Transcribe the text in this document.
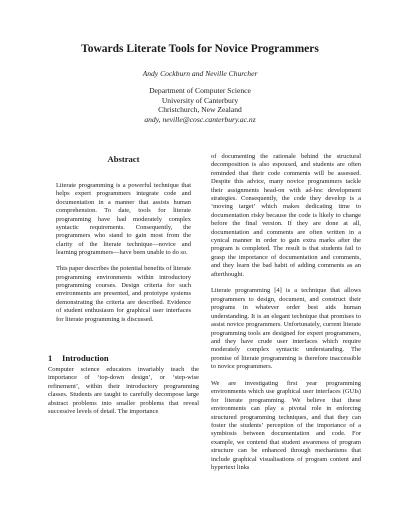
Towards Literate Tools for Novice Programmers
Andy Cockburn and Neville Churcher
Department of Computer Science
University of Canterbury
Christchurch, New Zealand
andy, neville@cosc.canterbury.ac.nz
Abstract

Literate programming is a powerful technique that helps expert programmers integrate code and documentation in a manner that assists human comprehension. To date, tools for literate programming have had moderately complex syntactic requirements. Consequently, the programmers who stand to gain most from the clarity of the literate technique—novice and learning programmers—have been unable to do so.

This paper describes the potential benefits of literate programming environments within introductory programming courses. Design criteria for such environments are presented, and prototype systems demonstrating the criteria are described. Evidence of student enthusiasm for graphical user interfaces for literate programming is discussed.

1 Introduction
Computer science educators invariably teach the importance of ‘top-down design’, or ‘step-wise refinement’, within their introductory programming classes. Students are taught to carefully decompose large abstract problems into smaller problems that reveal successive levels of detail. The importance

of documenting the rationale behind the structural decomposition is also espoused, and students are often reminded that their code comments will be assessed. Despite this advice, many novice programmers tackle their assignments head-on with ad-hoc development strategies. Consequently, the code they develop is a ‘moving target’ which makes dedicating time to documentation risky because the code is likely to change before the final version. If they are done at all, documentation and comments are often written in a cynical manner in order to gain extra marks after the program is completed. The result is that students fail to grasp the importance of documentation and comments, and they learn the bad habit of adding comments as an afterthought.

Literate programming [4] is a technique that allows programmers to design, document, and construct their programs in whatever order best aids human understanding. It is an elegant technique that promises to assist novice programmers. Unfortunately, current literate programming tools are designed for expert programmers, and they have crude user interfaces which require moderately complex syntactic understanding. The promise of literate programming is therefore inaccessible to novice programmers.

We are investigating first year programming environments which use graphical user interfaces (GUIs) for literate programming. We believe that these environments can play a pivotal role in enforcing structured programming techniques, and that they can foster the students’ perception of the importance of a symbiosis between documentation and code. For example, we contend that student awareness of program structure can be enhanced through mechanisms that include graphical visualisations of program content and hypertext links
